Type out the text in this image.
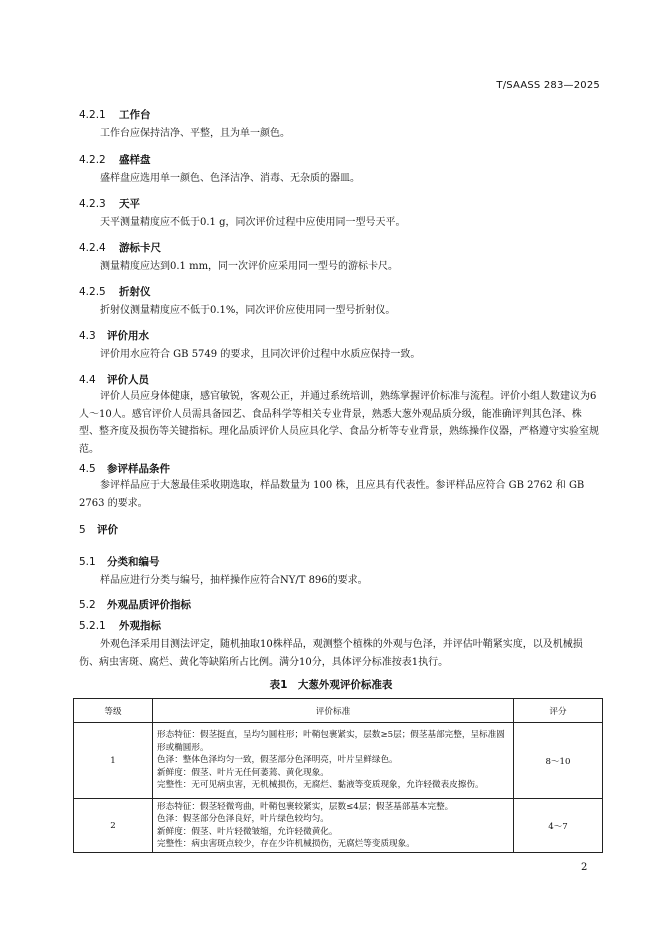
T/SAASS 283—2025
4.2.1 工作台
工作台应保持洁净、平整，且为单一颜色。
4.2.2 盛样盘
盛样盘应选用单一颜色、色泽洁净、消毒、无杂质的器皿。
4.2.3 天平
天平测量精度应不低于0.1 g，同次评价过程中应使用同一型号天平。
4.2.4 游标卡尺
测量精度应达到0.1 mm，同一次评价应采用同一型号的游标卡尺。
4.2.5 折射仪
折射仪测量精度应不低于0.1%，同次评价应使用同一型号折射仪。
4.3 评价用水
评价用水应符合 GB 5749 的要求，且同次评价过程中水质应保持一致。
4.4 评价人员
评价人员应身体健康，感官敏锐，客观公正，并通过系统培训，熟练掌握评价标准与流程。评价小组人数建议为6人～10人。感官评价人员需具备园艺、食品科学等相关专业背景，熟悉大葱外观品质分级，能准确评判其色泽、株型、整齐度及损伤等关键指标。理化品质评价人员应具化学、食品分析等专业背景，熟练操作仪器，严格遵守实验室规范。
4.5 参评样品条件
参评样品应于大葱最佳采收期选取，样品数量为 100 株，且应具有代表性。参评样品应符合 GB 2762 和 GB 2763 的要求。
5 评价
5.1 分类和编号
样品应进行分类与编号，抽样操作应符合NY/T 896的要求。
5.2 外观品质评价指标
5.2.1 外观指标
外观色泽采用目测法评定，随机抽取10株样品，观测整个植株的外观与色泽，并评估叶鞘紧实度，以及机械损伤、病虫害斑、腐烂、黄化等缺陷所占比例。满分10分，具体评分标准按表1执行。
表1　大葱外观评价标准表
等级	评价标准	评分
1	形态特征：假茎挺直，呈均匀圆柱形；叶鞘包裹紧实，层数≥5层；假茎基部完整，呈标准圆形或椭圆形。
色泽：整体色泽均匀一致，假茎部分色泽明亮，叶片呈鲜绿色。
新鲜度：假茎、叶片无任何萎蔫、黄化现象。
完整性：无可见病虫害，无机械损伤，无腐烂、黏液等变质现象，允许轻微表皮擦伤。	8～10
2	形态特征：假茎轻微弯曲，叶鞘包裹较紧实，层数≤4层；假茎基部基本完整。
色泽：假茎部分色泽良好，叶片绿色较均匀。
新鲜度：假茎、叶片轻微皱缩，允许轻微黄化。
完整性：病虫害斑点较少，存在少许机械损伤，无腐烂等变质现象。	4～7
2
